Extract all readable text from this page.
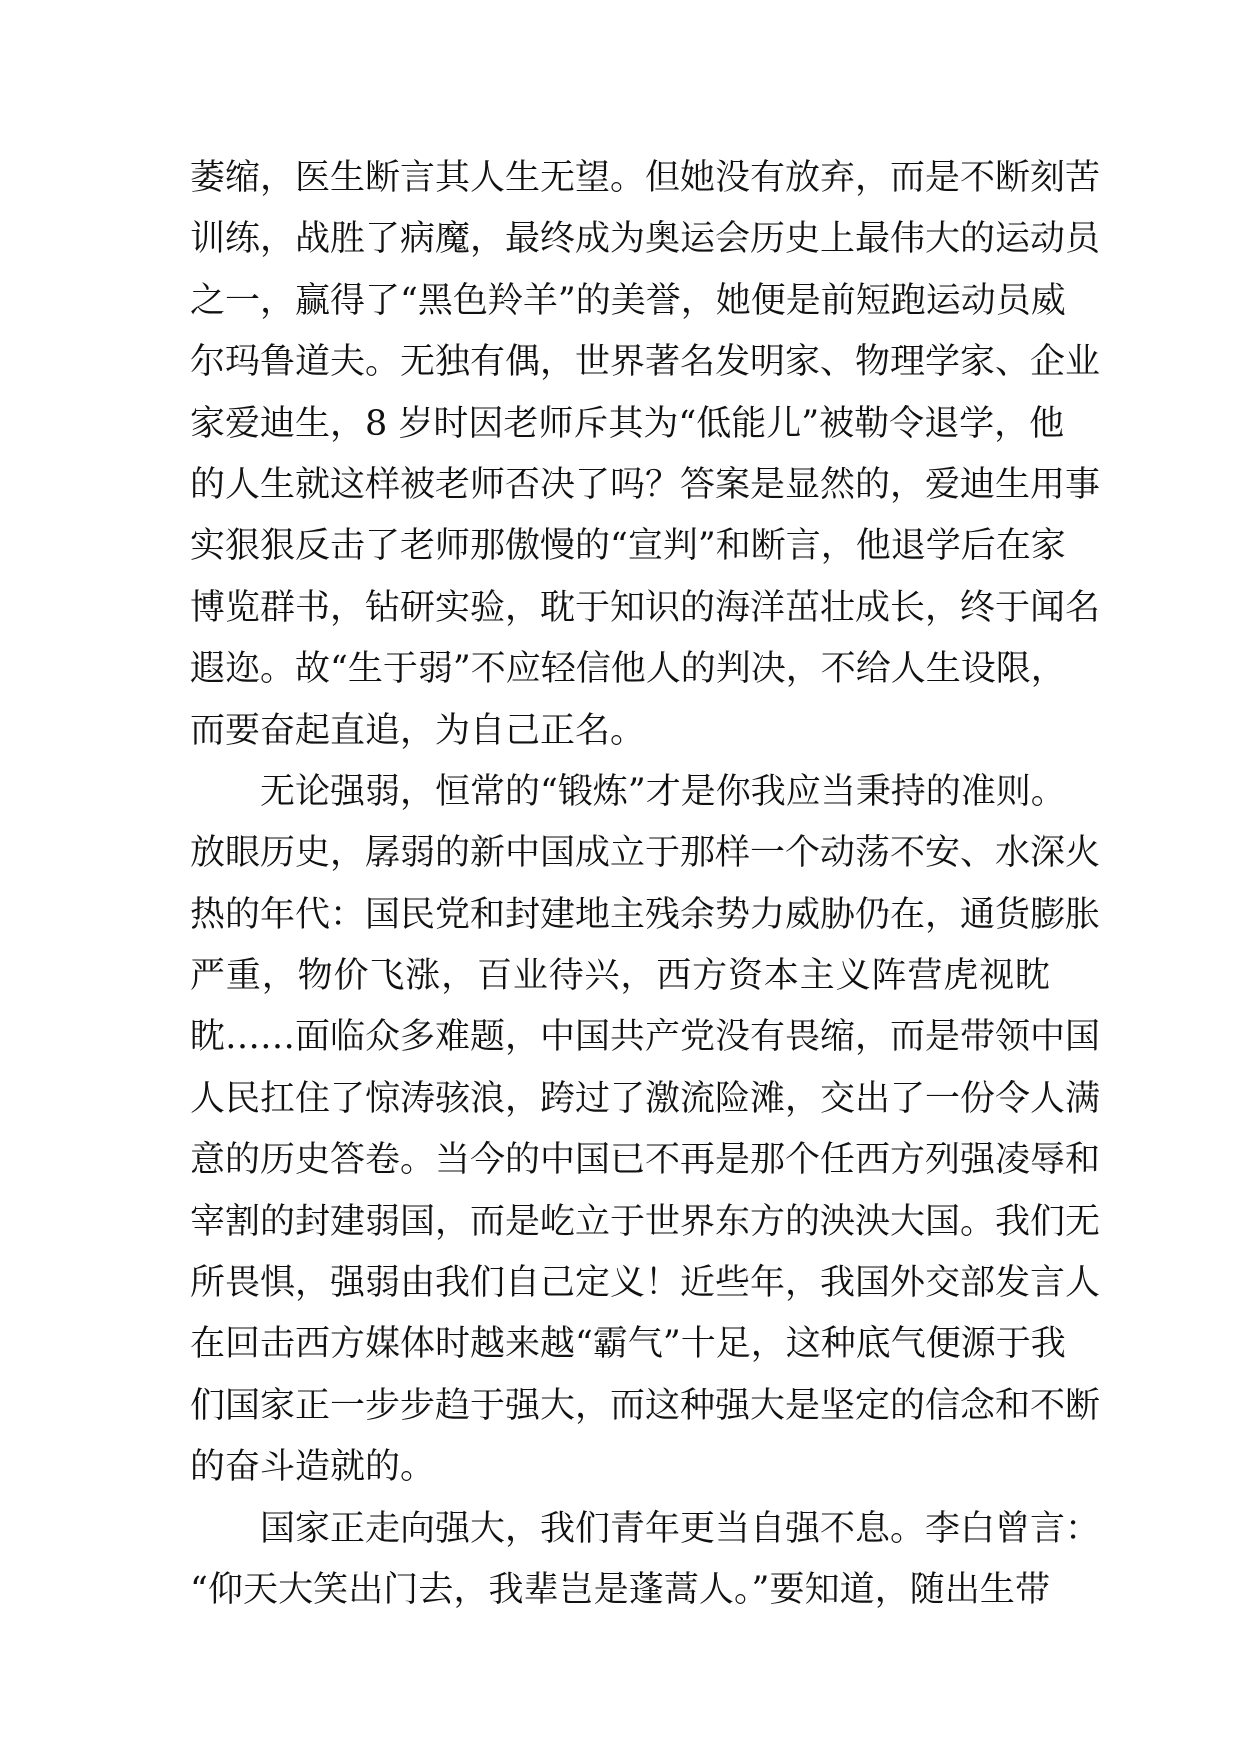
萎缩，医生断言其人生无望。但她没有放弃，而是不断刻苦
训练，战胜了病魔，最终成为奥运会历史上最伟大的运动员
之一，赢得了“黑色羚羊”的美誉，她便是前短跑运动员威
尔玛鲁道夫。无独有偶，世界著名发明家、物理学家、企业
家爱迪生，8 岁时因老师斥其为“低能儿”被勒令退学，他
的人生就这样被老师否决了吗？答案是显然的，爱迪生用事
实狠狠反击了老师那傲慢的“宣判”和断言，他退学后在家
博览群书，钻研实验，耽于知识的海洋茁壮成长，终于闻名
遐迩。故“生于弱”不应轻信他人的判决，不给人生设限，
而要奋起直追，为自己正名。
无论强弱，恒常的“锻炼”才是你我应当秉持的准则。
放眼历史，孱弱的新中国成立于那样一个动荡不安、水深火
热的年代：国民党和封建地主残余势力威胁仍在，通货膨胀
严重，物价飞涨，百业待兴，西方资本主义阵营虎视眈
眈……面临众多难题，中国共产党没有畏缩，而是带领中国
人民扛住了惊涛骇浪，跨过了激流险滩，交出了一份令人满
意的历史答卷。当今的中国已不再是那个任西方列强凌辱和
宰割的封建弱国，而是屹立于世界东方的泱泱大国。我们无
所畏惧，强弱由我们自己定义！近些年，我国外交部发言人
在回击西方媒体时越来越“霸气”十足，这种底气便源于我
们国家正一步步趋于强大，而这种强大是坚定的信念和不断
的奋斗造就的。
国家正走向强大，我们青年更当自强不息。李白曾言：
“仰天大笑出门去，我辈岂是蓬蒿人。”要知道，随出生带
